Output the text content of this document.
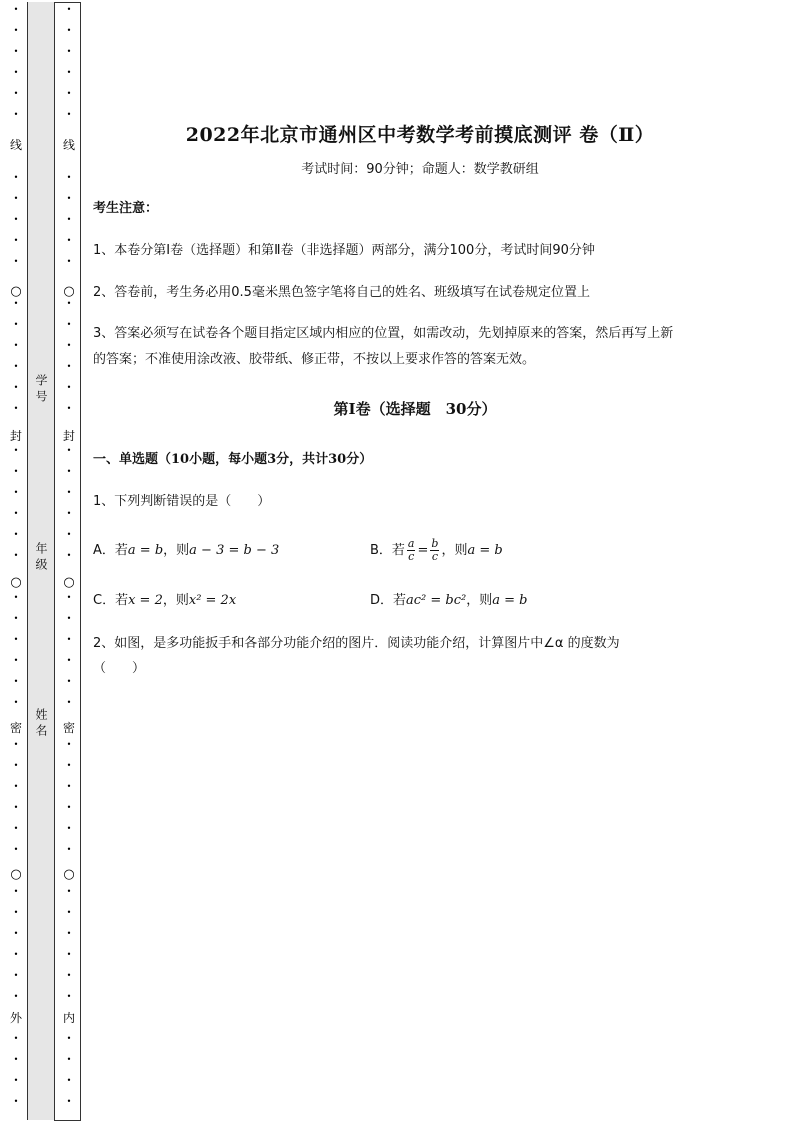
•
•
•
•
•
•
•
•
•
•
•
•
•
•
•
•
•
•
•
•
•
•
•
•
•
•
•
•
•
•
•
•
•
•
•
•
•
•
•
•
•
•
•
•
•
线
封
密
外
○
○
○
•
•
•
•
•
•
•
•
•
•
•
•
•
•
•
•
•
•
•
•
•
•
•
•
•
•
•
•
•
•
•
•
•
•
•
•
•
•
•
•
•
•
•
•
•
线
封
密
内
○
○
○
学号
年级
姓名
2022年北京市通州区中考数学考前摸底测评 卷（Ⅱ）
考试时间：90分钟；命题人：数学教研组
考生注意：
1、本卷分第Ⅰ卷（选择题）和第Ⅱ卷（非选择题）两部分，满分100分，考试时间90分钟
2、答卷前，考生务必用0.5毫米黑色签字笔将自己的姓名、班级填写在试卷规定位置上
3、答案必须写在试卷各个题目指定区域内相应的位置，如需改动，先划掉原来的答案，然后再写上新
的答案；不准使用涂改液、胶带纸、修正带，不按以上要求作答的答案无效。
第Ⅰ卷（选择题　30分）
一、单选题（10小题，每小题3分，共计30分）
1、下列判断错误的是（　　）
A．若a = b，则a − 3 = b − 3	B．若 $\frac{a}{c} = \frac{b}{c}$ ，则a = b
C．若x = 2，则x² = 2x	D．若ac² = bc²，则a = b
2、如图，是多功能扳手和各部分功能介绍的图片．阅读功能介绍，计算图片中∠α 的度数为
（　　）
